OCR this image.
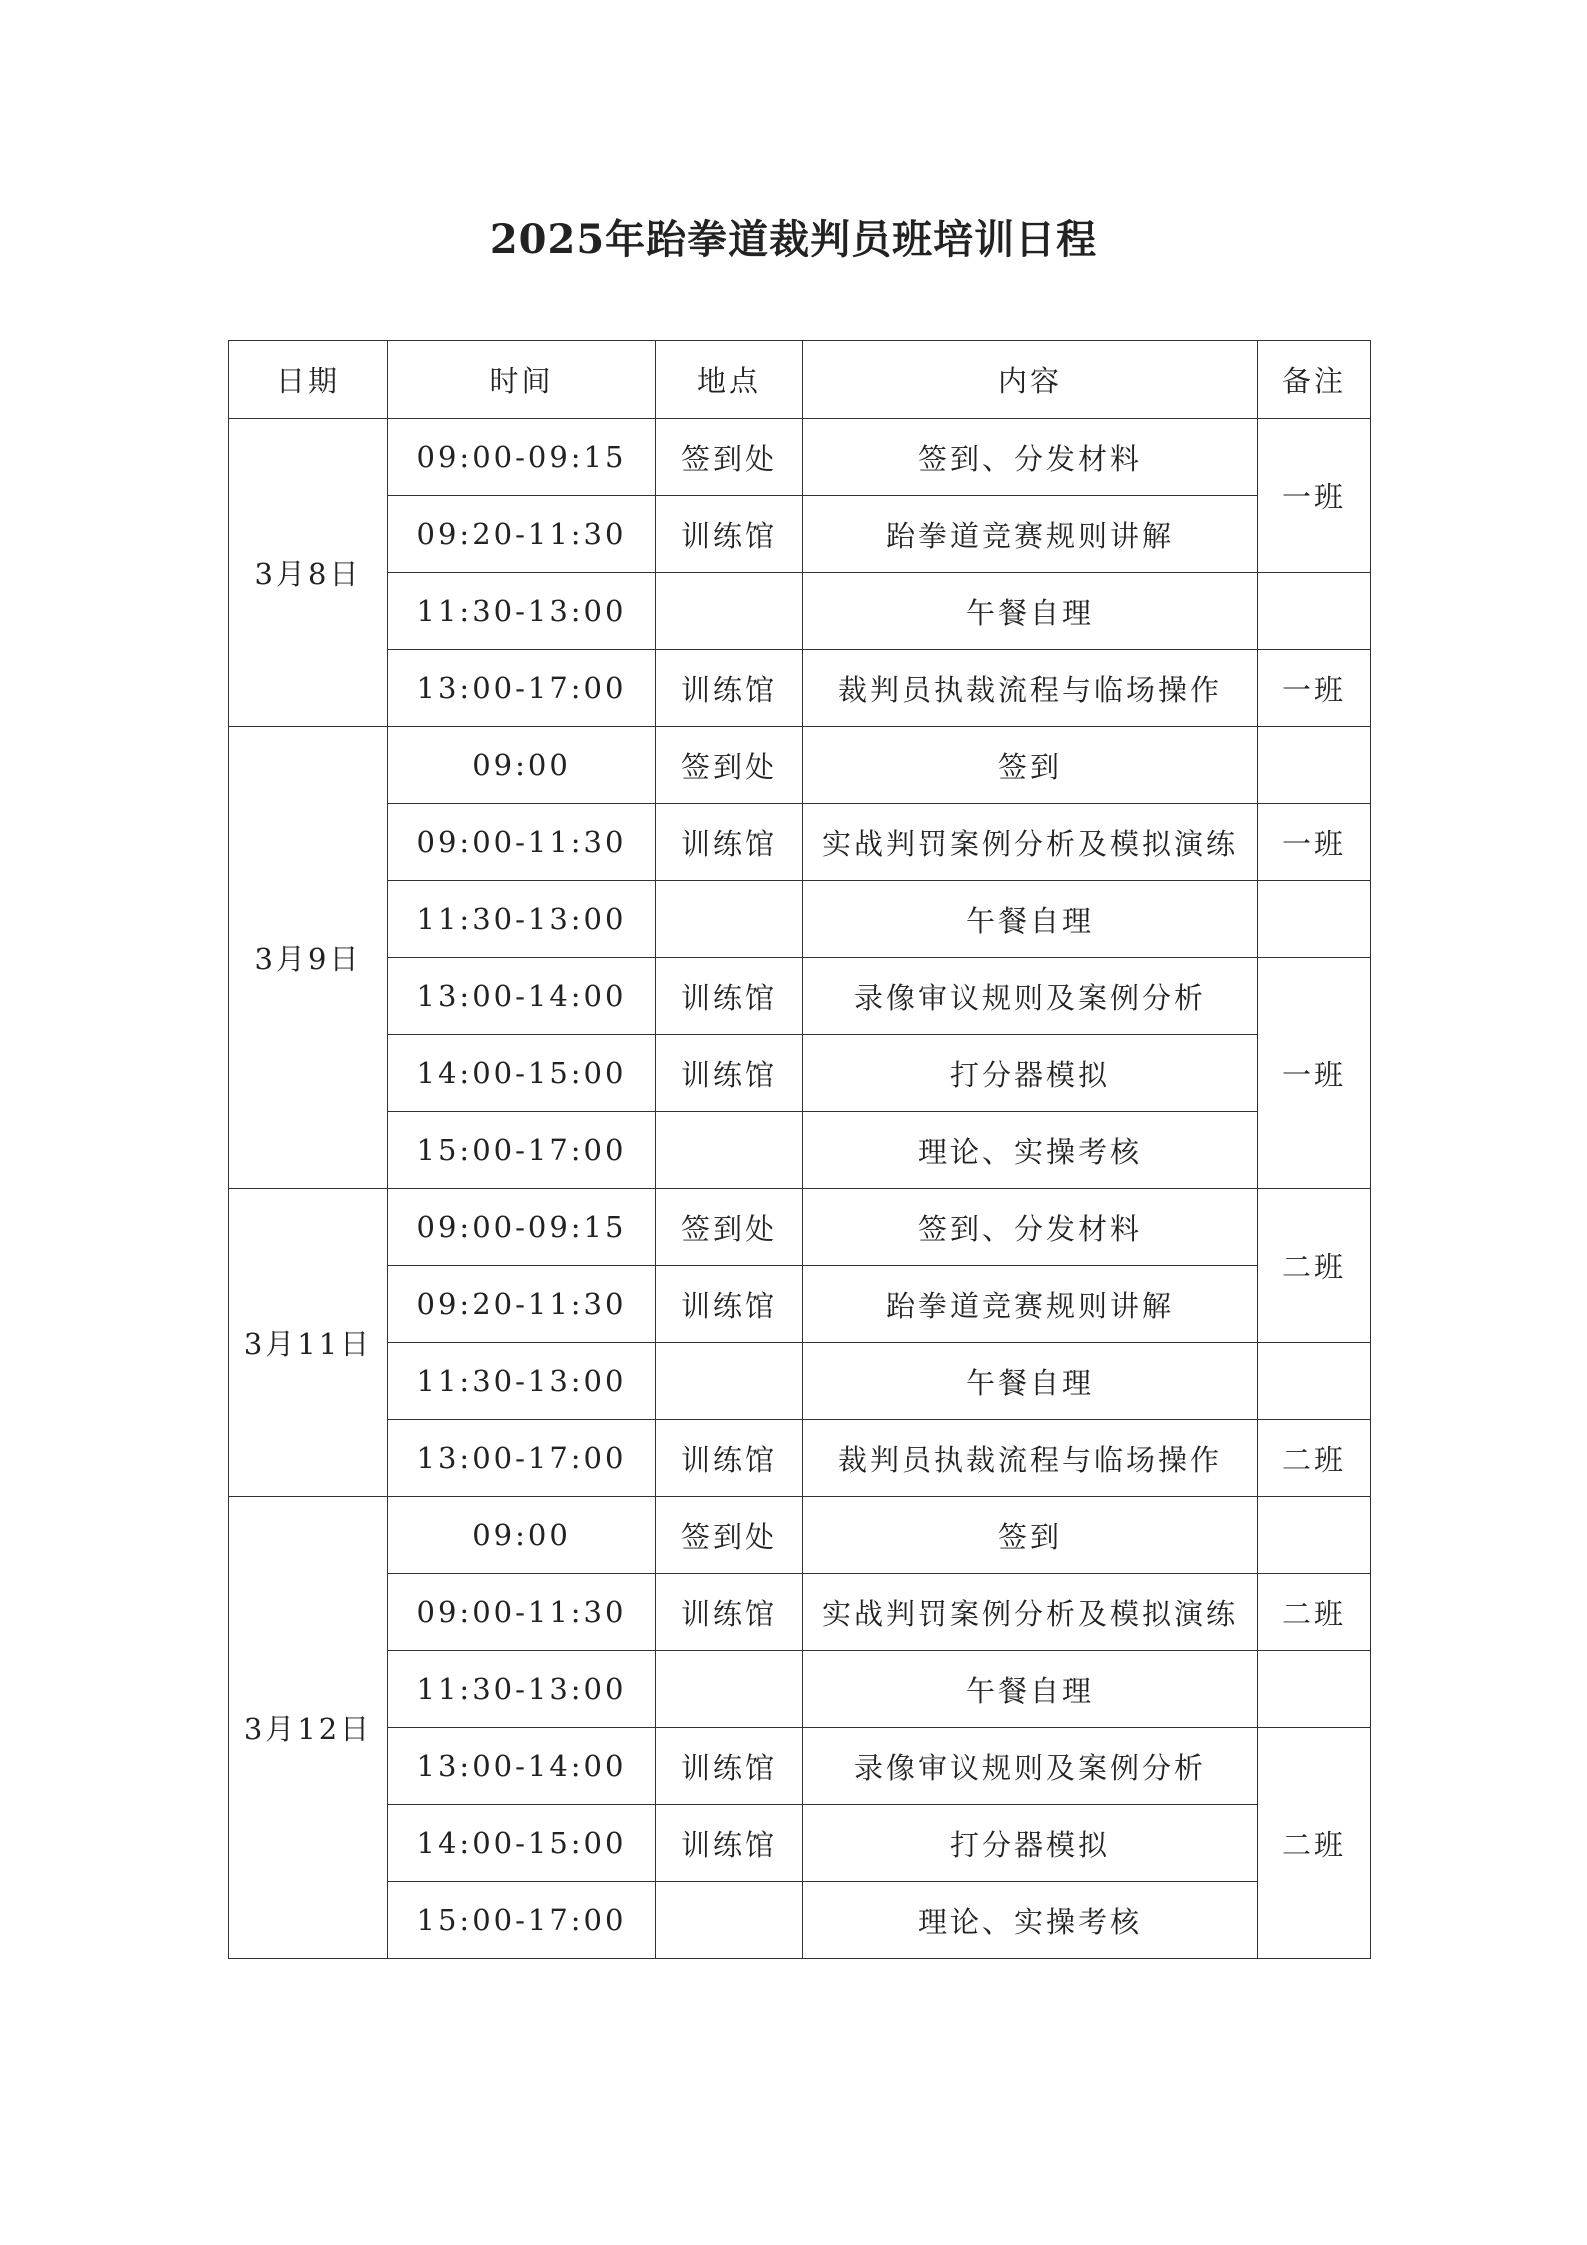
2025年跆拳道裁判员班培训日程
日期	时间	地点	内容	备注
3月8日	09:00-09:15	签到处	签到、分发材料	一班
	09:20-11:30	训练馆	跆拳道竞赛规则讲解	
	11:30-13:00		午餐自理	
	13:00-17:00	训练馆	裁判员执裁流程与临场操作	一班
3月9日	09:00	签到处	签到	
	09:00-11:30	训练馆	实战判罚案例分析及模拟演练	一班
	11:30-13:00		午餐自理	
	13:00-14:00	训练馆	录像审议规则及案例分析	一班
	14:00-15:00	训练馆	打分器模拟	
	15:00-17:00		理论、实操考核	
3月11日	09:00-09:15	签到处	签到、分发材料	二班
	09:20-11:30	训练馆	跆拳道竞赛规则讲解	
	11:30-13:00		午餐自理	
	13:00-17:00	训练馆	裁判员执裁流程与临场操作	二班
3月12日	09:00	签到处	签到	
	09:00-11:30	训练馆	实战判罚案例分析及模拟演练	二班
	11:30-13:00		午餐自理	
	13:00-14:00	训练馆	录像审议规则及案例分析	二班
	14:00-15:00	训练馆	打分器模拟	
	15:00-17:00		理论、实操考核	
